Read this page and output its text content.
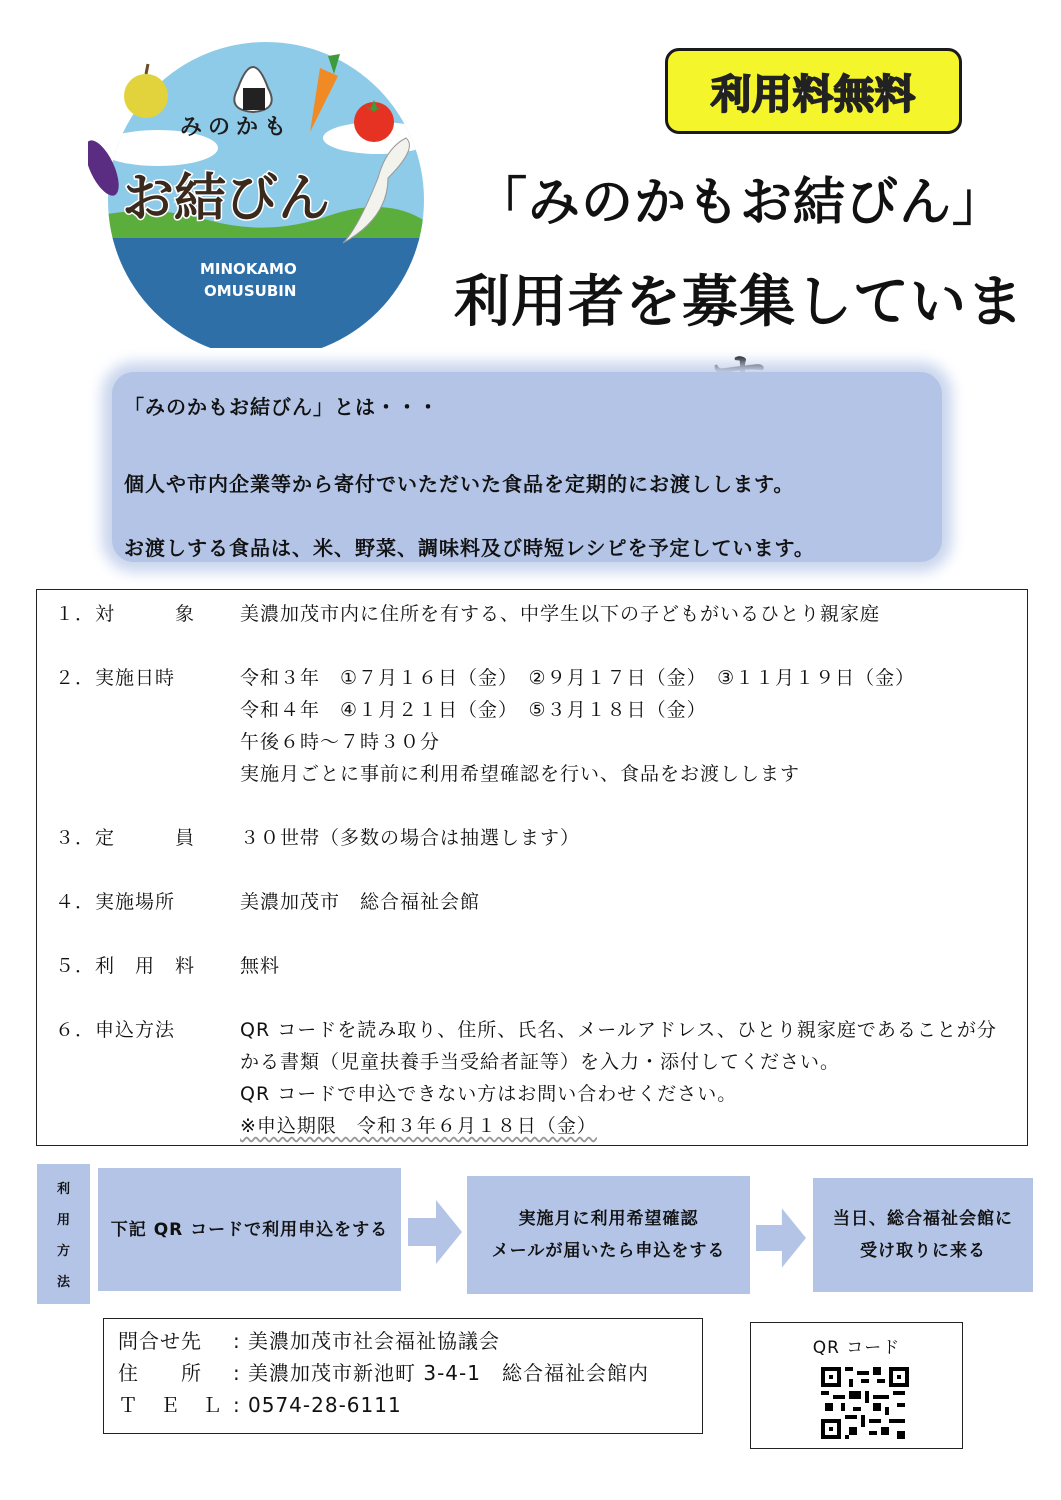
みのかも
お結びん
MINOKAMO
OMUSUBIN
利用料無料
「みのかもお結びん」
利用者を募集していま

「みのかもお結びん」とは・・・

個人や市内企業等から寄付でいただいた食品を定期的にお渡しします。

お渡しする食品は、米、野菜、調味料及び時短レシピを予定しています。

１．対　　　象	美濃加茂市内に住所を有する、中学生以下の子どもがいるひとり親家庭
２．実施日時	令和３年　①７月１６日（金）　②９月１７日（金）　③１１月１９日（金）
令和４年　④１月２１日（金）　⑤３月１８日（金）
午後６時～７時３０分
実施月ごとに事前に利用希望確認を行い、食品をお渡しします
３．定　　　員	３０世帯（多数の場合は抽選します）
４．実施場所	美濃加茂市　総合福祉会館
５．利　用　料	無料
６．申込方法	QR コードを読み取り、住所、氏名、メールアドレス、ひとり親家庭であることが分
かる書類（児童扶養手当受給者証等）を入力・添付してください。
QR コードで申込できない方はお問い合わせください。
※申込期限　令和３年６月１８日（金）
利
用
方
法
下記 QR コードで利用申込をする
実施月に利用希望確認
メールが届いたら申込をする
当日、総合福祉会館に
受け取りに来る
問合せ先	: 美濃加茂市社会福祉協議会
住　　所	: 美濃加茂市新池町 3-4-1　総合福祉会館内
Ｔ　Ｅ　Ｌ : 0574-28-6111
QR コード
